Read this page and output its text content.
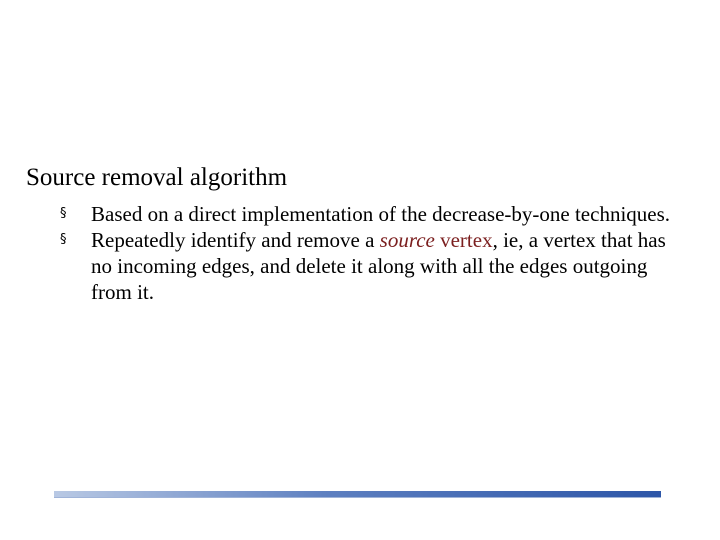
Source removal algorithm
§ Based on a direct implementation of the decrease-by-one techniques.
§ Repeatedly identify and remove a source vertex, ie, a vertex that has no incoming edges, and delete it along with all the edges outgoing from it.
